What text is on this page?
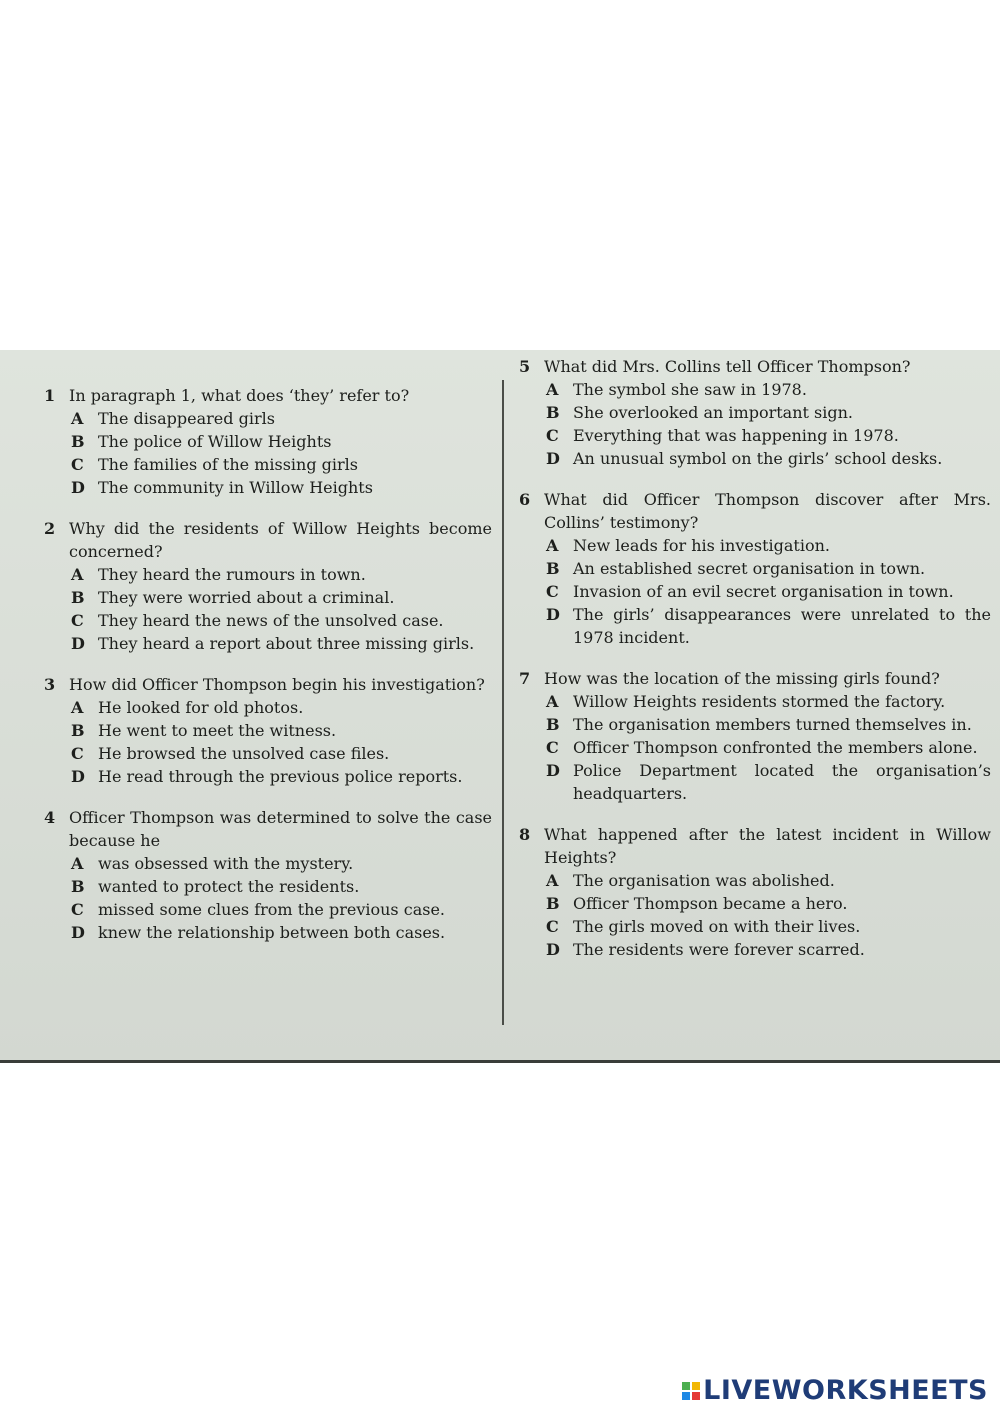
1 In paragraph 1, what does ‘they’ refer to?
A The disappeared girls
B The police of Willow Heights
C The families of the missing girls
D The community in Willow Heights
2 Why did the residents of Willow Heights become concerned?
A They heard the rumours in town.
B They were worried about a criminal.
C They heard the news of the unsolved case.
D They heard a report about three missing girls.
3 How did Officer Thompson begin his investigation?
A He looked for old photos.
B He went to meet the witness.
C He browsed the unsolved case files.
D He read through the previous police reports.
4 Officer Thompson was determined to solve the case because he
A was obsessed with the mystery.
B wanted to protect the residents.
C missed some clues from the previous case.
D knew the relationship between both cases.
5 What did Mrs. Collins tell Officer Thompson?
A The symbol she saw in 1978.
B She overlooked an important sign.
C Everything that was happening in 1978.
D An unusual symbol on the girls’ school desks.
6 What did Officer Thompson discover after Mrs. Collins’ testimony?
A New leads for his investigation.
B An established secret organisation in town.
C Invasion of an evil secret organisation in town.
D The girls’ disappearances were unrelated to the 1978 incident.
7 How was the location of the missing girls found?
A Willow Heights residents stormed the factory.
B The organisation members turned themselves in.
C Officer Thompson confronted the members alone.
D Police Department located the organisation’s headquarters.
8 What happened after the latest incident in Willow Heights?
A The organisation was abolished.
B Officer Thompson became a hero.
C The girls moved on with their lives.
D The residents were forever scarred.
LIVEWORKSHEETS
